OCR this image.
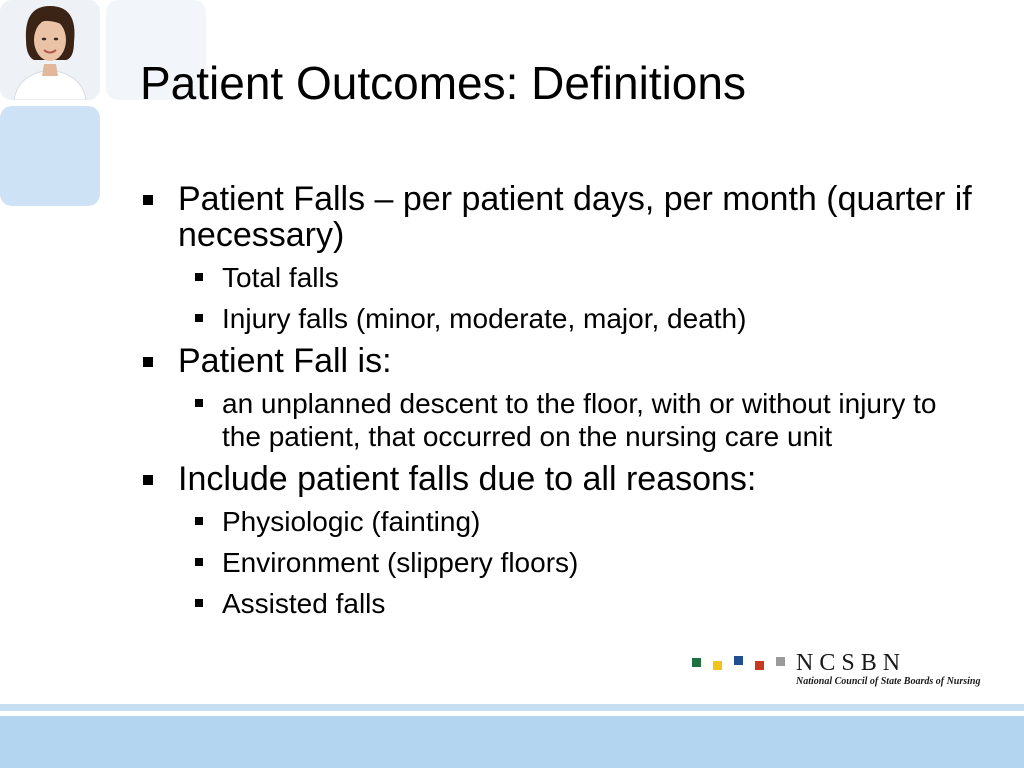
Patient Outcomes: Definitions
Patient Falls – per patient days, per month (quarter if necessary)
Total falls
Injury falls (minor, moderate, major, death)
Patient Fall is:
an unplanned descent to the floor, with or without injury to the patient, that occurred on the nursing care unit
Include patient falls due to all reasons:
Physiologic (fainting)
Environment (slippery floors)
Assisted falls
NCSBN
National Council of State Boards of Nursing
